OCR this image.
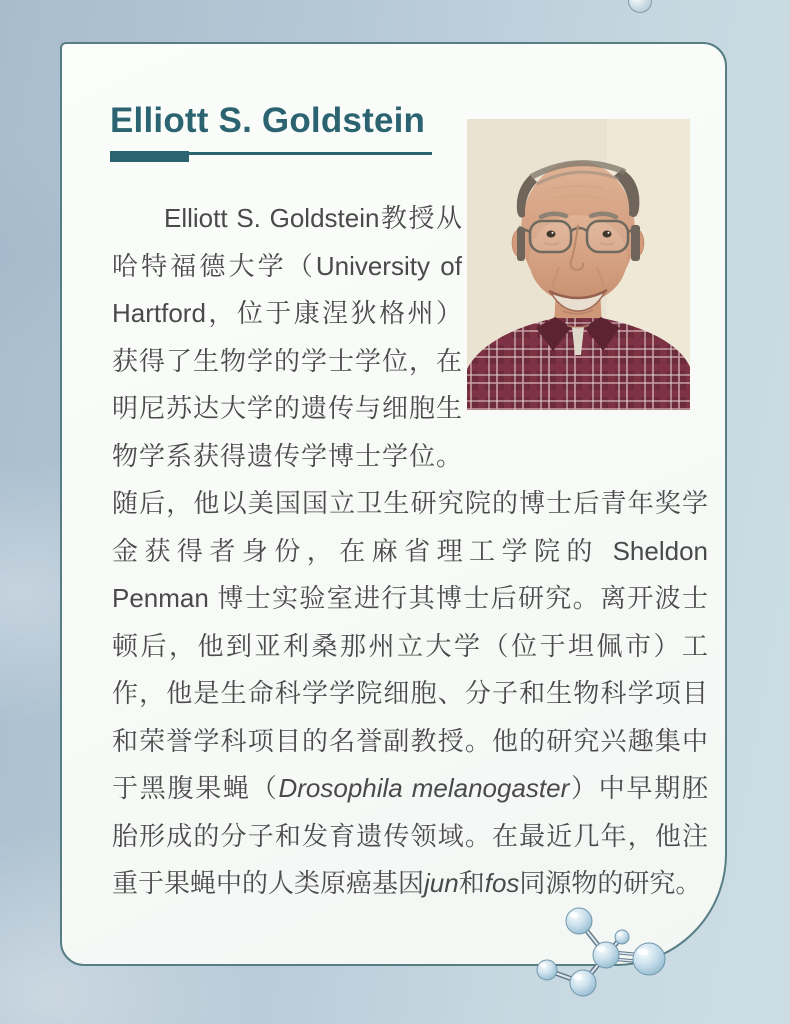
Elliott S. Goldstein

Elliott S. Goldstein教授从哈特福德大学（University of Hartford，位于康涅狄格州）获得了生物学的学士学位，在明尼苏达大学的遗传与细胞生物学系获得遗传学博士学位。随后，他以美国国立卫生研究院的博士后青年奖学金获得者身份，在麻省理工学院的 Sheldon Penman 博士实验室进行其博士后研究。离开波士顿后，他到亚利桑那州立大学（位于坦佩市）工作，他是生命科学学院细胞、分子和生物科学项目和荣誉学科项目的名誉副教授。他的研究兴趣集中于黑腹果蝇（Drosophila melanogaster）中早期胚胎形成的分子和发育遗传领域。在最近几年，他注重于果蝇中的人类原癌基因jun和fos同源物的研究。
